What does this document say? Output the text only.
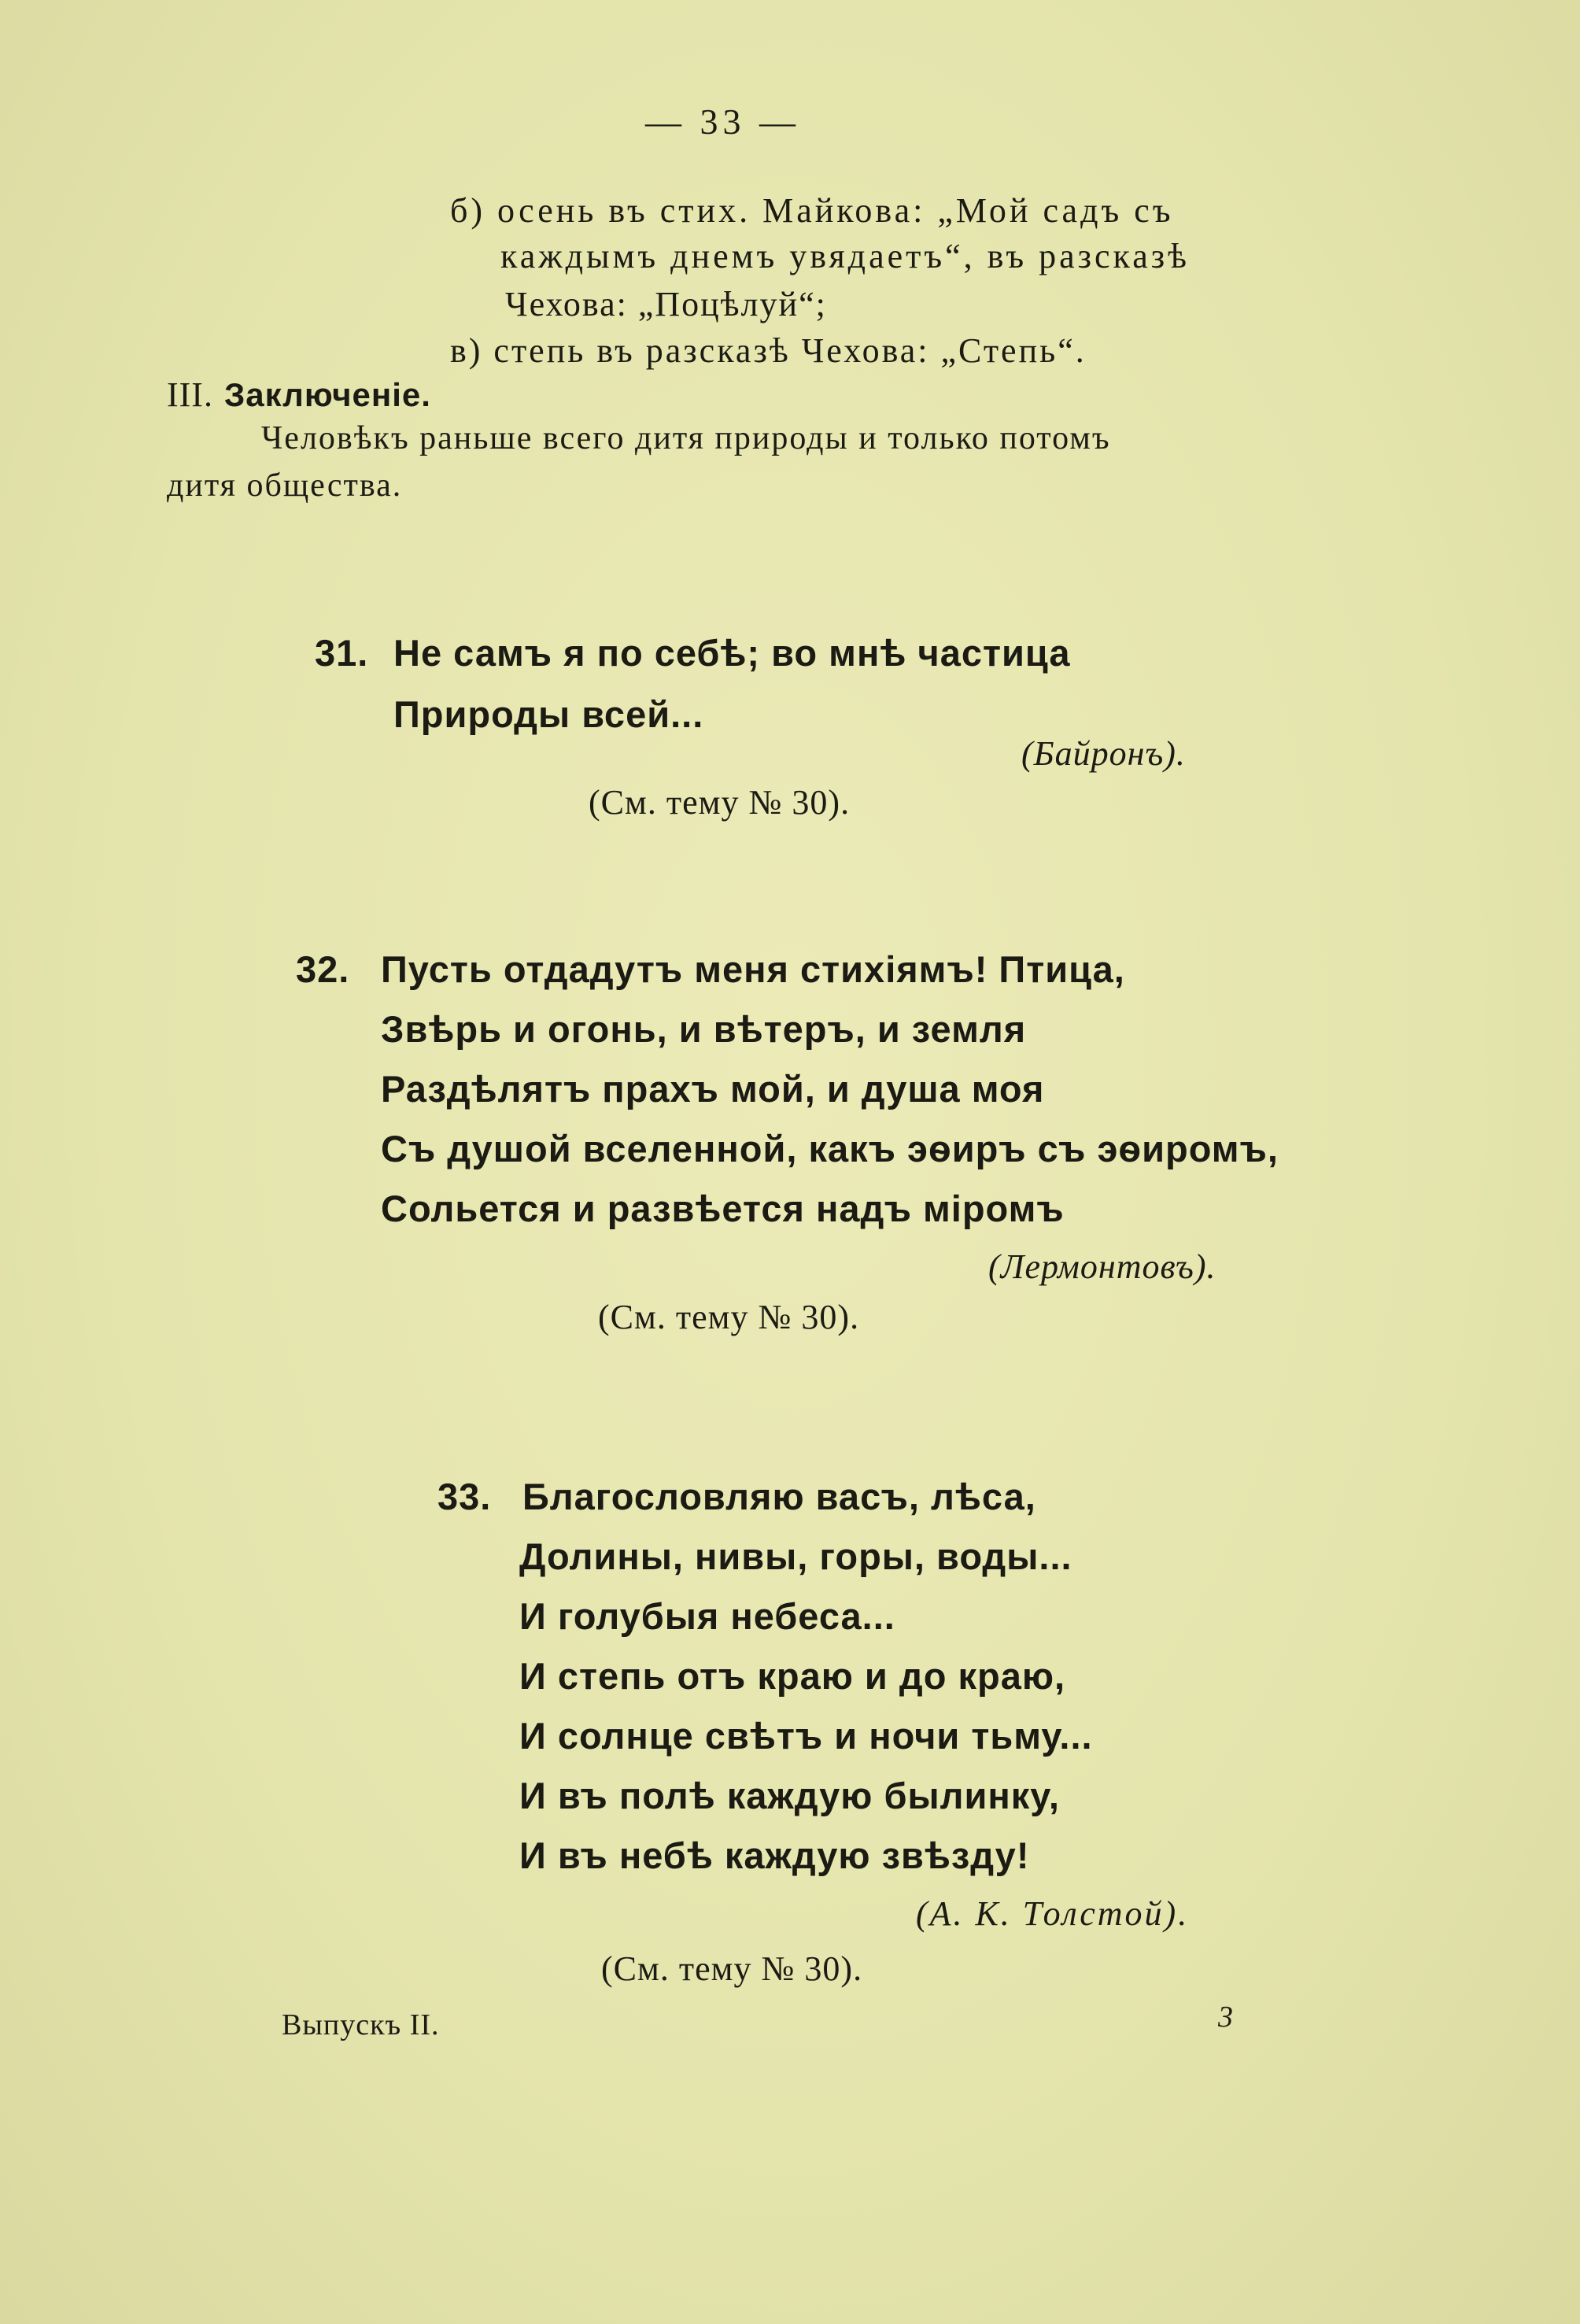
— 33 —
б) осень въ стих. Майкова: „Мой садъ съ
каждымъ днемъ увядаетъ“, въ разсказѣ
Чехова: „Поцѣлуй“;
в) степь въ разсказѣ Чехова: „Степь“.
III. Заключеніе.
Человѣкъ раньше всего дитя природы и только потомъ
дитя общества.
31. Не самъ я по себѣ; во мнѣ частица
Природы всей...
(Байронъ).
(См. тему № 30).
32. Пусть отдадутъ меня стихіямъ! Птица,
Звѣрь и огонь, и вѣтеръ, и земля
Раздѣлятъ прахъ мой, и душа моя
Съ душой вселенной, какъ эѳиръ съ эѳиромъ,
Сольется и развѣется надъ міромъ
(Лермонтовъ).
(См. тему № 30).
33. Благословляю васъ, лѣса,
Долины, нивы, горы, воды...
И голубыя небеса...
И степь отъ краю и до краю,
И солнце свѣтъ и ночи тьму...
И въ полѣ каждую былинку,
И въ небѣ каждую звѣзду!
(А. К. Толстой).
(См. тему № 30).
Выпускъ II.	3
